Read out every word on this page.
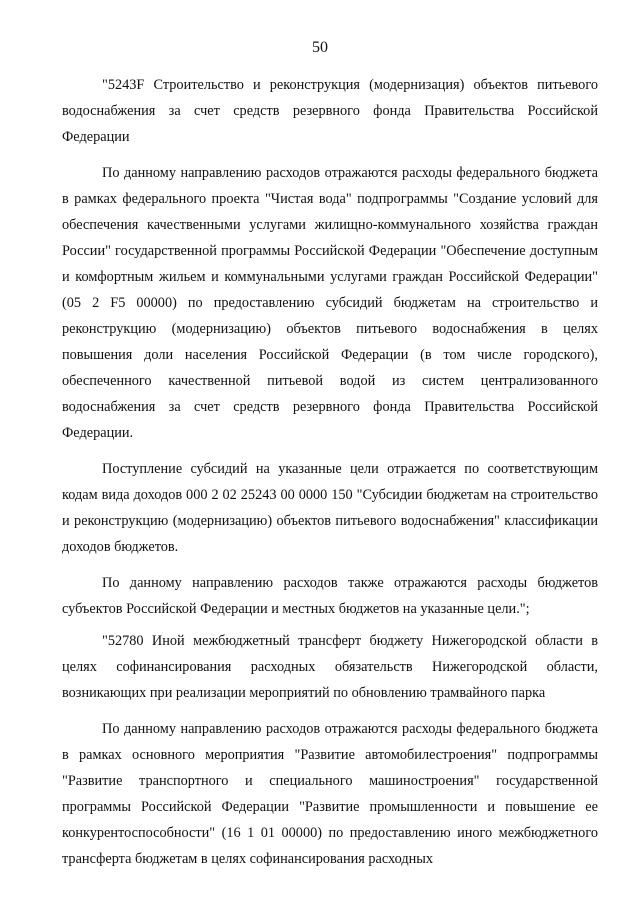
50

"5243F Строительство и реконструкция (модернизация) объектов питьевого водоснабжения за счет средств резервного фонда Правительства Российской Федерации

По данному направлению расходов отражаются расходы федерального бюджета в рамках федерального проекта "Чистая вода" подпрограммы "Создание условий для обеспечения качественными услугами жилищно-коммунального хозяйства граждан России" государственной программы Российской Федерации "Обеспечение доступным и комфортным жильем и коммунальными услугами граждан Российской Федерации" (05 2 F5 00000) по предоставлению субсидий бюджетам на строительство и реконструкцию (модернизацию) объектов питьевого водоснабжения в целях повышения доли населения Российской Федерации (в том числе городского), обеспеченного качественной питьевой водой из систем централизованного водоснабжения за счет средств резервного фонда Правительства Российской Федерации.

Поступление субсидий на указанные цели отражается по соответствующим кодам вида доходов 000 2 02 25243 00 0000 150 "Субсидии бюджетам на строительство и реконструкцию (модернизацию) объектов питьевого водоснабжения" классификации доходов бюджетов.

По данному направлению расходов также отражаются расходы бюджетов субъектов Российской Федерации и местных бюджетов на указанные цели.";

"52780 Иной межбюджетный трансферт бюджету Нижегородской области в целях софинансирования расходных обязательств Нижегородской области, возникающих при реализации мероприятий по обновлению трамвайного парка

По данному направлению расходов отражаются расходы федерального бюджета в рамках основного мероприятия "Развитие автомобилестроения" подпрограммы "Развитие транспортного и специального машиностроения" государственной программы Российской Федерации "Развитие промышленности и повышение ее конкурентоспособности" (16 1 01 00000) по предоставлению иного межбюджетного трансферта бюджетам в целях софинансирования расходных
